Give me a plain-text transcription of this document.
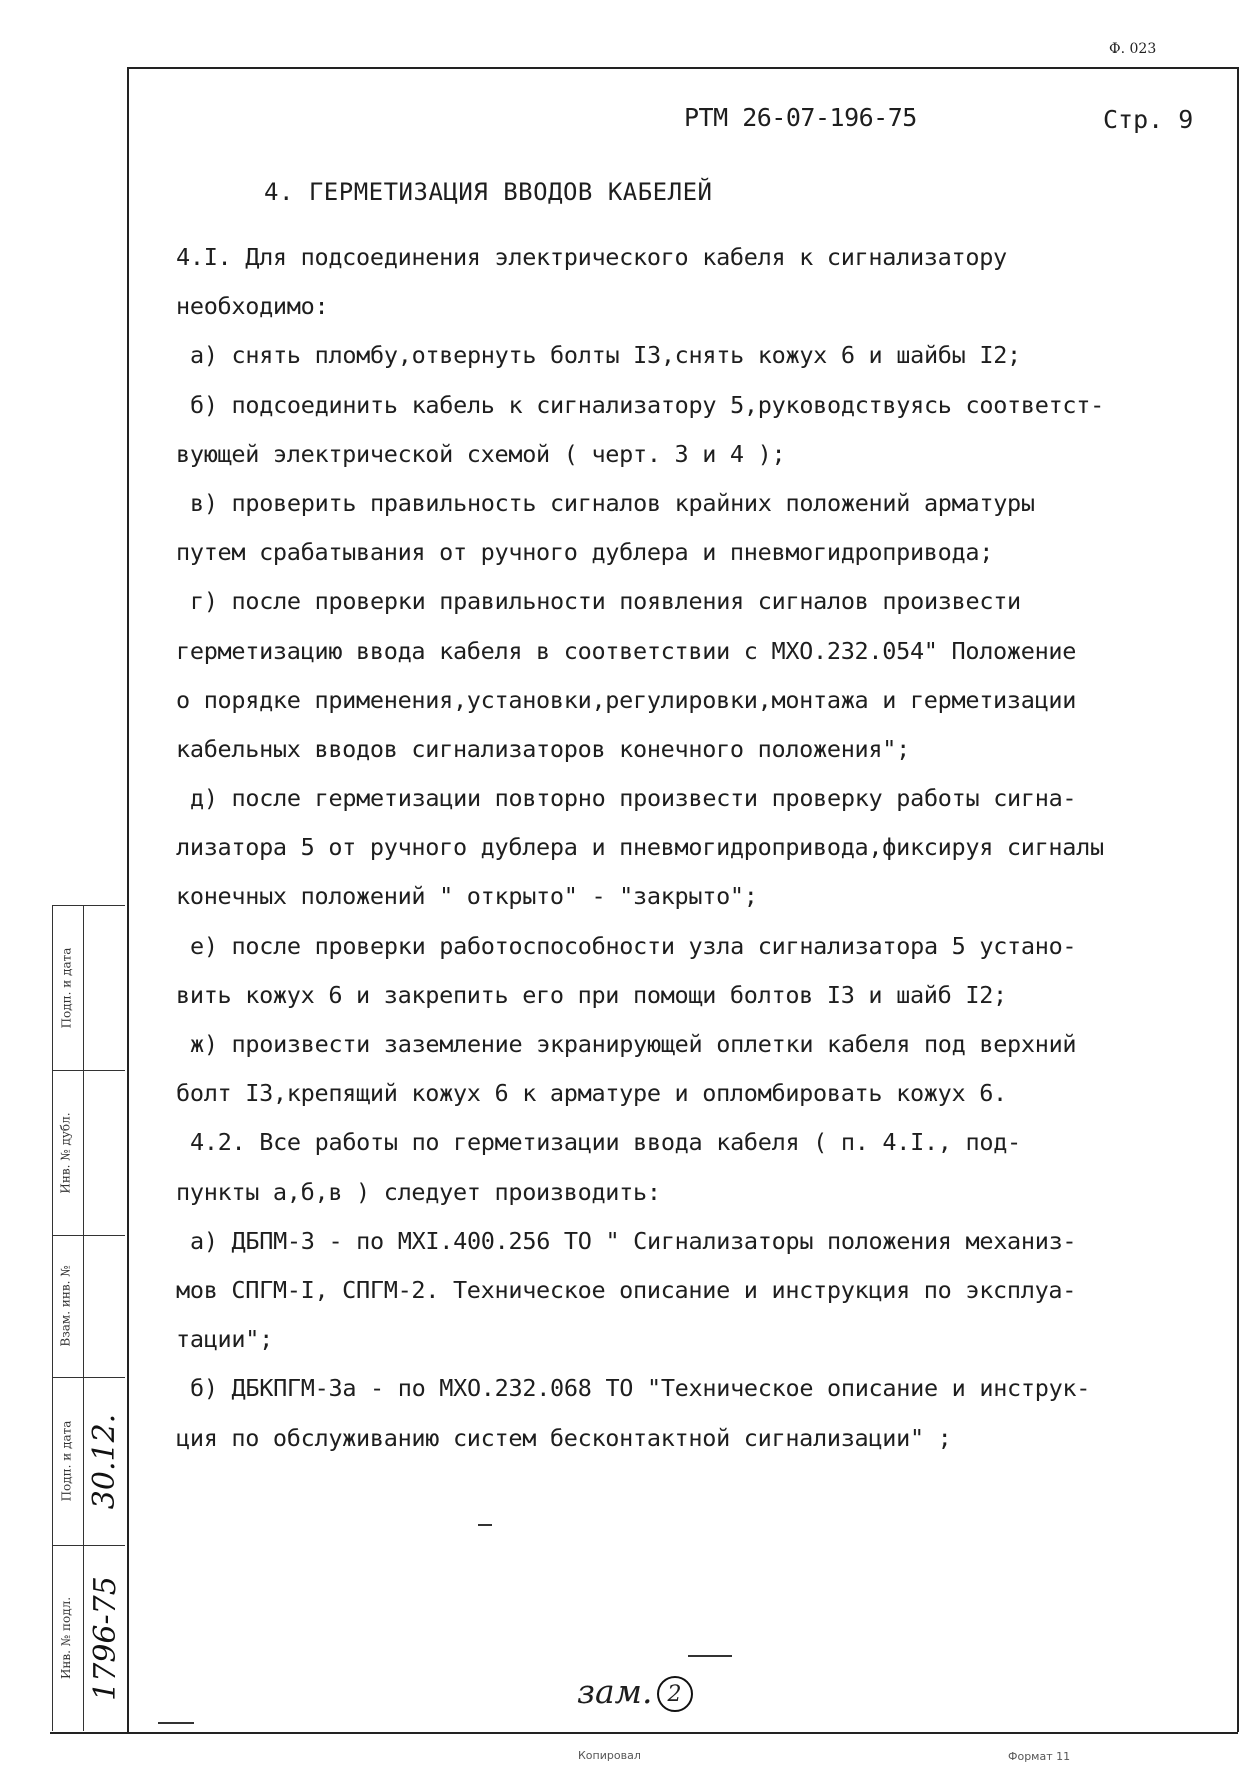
Ф. 023
РТМ 26-07-196-75	Стр. 9
4. ГЕРМЕТИЗАЦИЯ ВВОДОВ КАБЕЛЕЙ
4.I. Для подсоединения электрического кабеля к сигнализатору
необходимо:
а) снять пломбу,отвернуть болты I3,снять кожух 6 и шайбы I2;
б) подсоединить кабель к сигнализатору 5,руководствуясь соответст-
вующей электрической схемой ( черт. 3 и 4 );
в) проверить правильность сигналов крайних положений арматуры
путем срабатывания от ручного дублера и пневмогидропривода;
г) после проверки правильности появления сигналов произвести
герметизацию ввода кабеля в соответствии с МХО.232.054" Положение
о порядке применения,установки,регулировки,монтажа и герметизации
кабельных вводов сигнализаторов конечного положения";
д) после герметизации повторно произвести проверку работы сигна-
лизатора 5 от ручного дублера и пневмогидропривода,фиксируя сигналы
конечных положений " открыто" - "закрыто";
е) после проверки работоспособности узла сигнализатора 5 устано-
вить кожух 6 и закрепить его при помощи болтов I3 и шайб I2;
ж) произвести заземление экранирующей оплетки кабеля под верхний
болт I3,крепящий кожух 6 к арматуре и опломбировать кожух 6.
4.2. Все работы по герметизации ввода кабеля ( п. 4.I., под-
пункты а,б,в ) следует производить:
а) ДБПМ-3 - по МХI.400.256 ТО " Сигнализаторы положения механиз-
мов СПГМ-I, СПГМ-2. Техническое описание и инструкция по эксплуа-
тации";
б) ДБКПГМ-3а - по МХО.232.068 ТО "Техническое описание и инструк-
ция по обслуживанию систем бесконтактной сигнализации" ;
Подп. и дата
Инв. № дубл.
Взам. инв. №
Подп. и дата
Инв. № подл.
30.12.
1796-75	зам. 2
Копировал	Формат 11
